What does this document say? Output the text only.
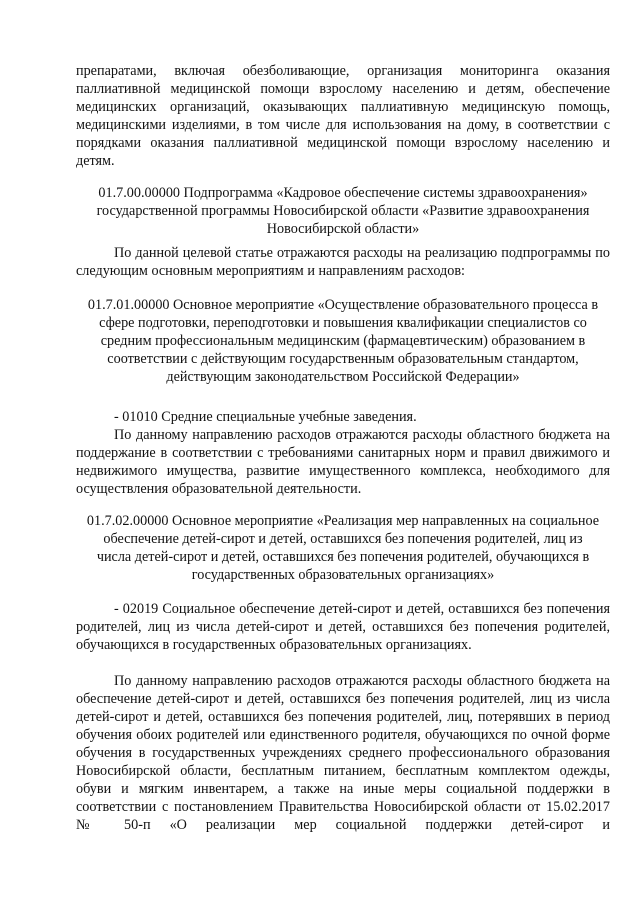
препаратами, включая обезболивающие, организация мониторинга оказания паллиативной медицинской помощи взрослому населению и детям, обеспечение медицинских организаций, оказывающих паллиативную медицинскую помощь, медицинскими изделиями, в том числе для использования на дому, в соответствии с порядками оказания паллиативной медицинской помощи взрослому населению и детям.

01.7.00.00000 Подпрограмма «Кадровое обеспечение системы здравоохранения» государственной программы Новосибирской области «Развитие здравоохранения Новосибирской области»

По данной целевой статье отражаются расходы на реализацию подпрограммы по следующим основным мероприятиям и направлениям расходов:

01.7.01.00000 Основное мероприятие «Осуществление образовательного процесса в сфере подготовки, переподготовки и повышения квалификации специалистов со средним профессиональным медицинским (фармацевтическим) образованием в соответствии с действующим государственным образовательным стандартом, действующим законодательством Российской Федерации»

- 01010 Средние специальные учебные заведения.

По данному направлению расходов отражаются расходы областного бюджета на поддержание в соответствии с требованиями санитарных норм и правил движимого и недвижимого имущества, развитие имущественного комплекса, необходимого для осуществления образовательной деятельности.

01.7.02.00000 Основное мероприятие «Реализация мер направленных на социальное обеспечение детей-сирот и детей, оставшихся без попечения родителей, лиц из числа детей-сирот и детей, оставшихся без попечения родителей, обучающихся в государственных образовательных организациях»

- 02019 Социальное обеспечение детей-сирот и детей, оставшихся без попечения родителей, лиц из числа детей-сирот и детей, оставшихся без попечения родителей, обучающихся в государственных образовательных организациях.

По данному направлению расходов отражаются расходы областного бюджета на обеспечение детей-сирот и детей, оставшихся без попечения родителей, лиц из числа детей-сирот и детей, оставшихся без попечения родителей, лиц, потерявших в период обучения обоих родителей или единственного родителя, обучающихся по очной форме обучения в государственных учреждениях среднего профессионального образования Новосибирской области, бесплатным питанием, бесплатным комплектом одежды, обуви и мягким инвентарем, а также на иные меры социальной поддержки в соответствии с постановлением Правительства Новосибирской области от 15.02.2017 № 50-п «О реализации мер социальной поддержки детей-сирот и
